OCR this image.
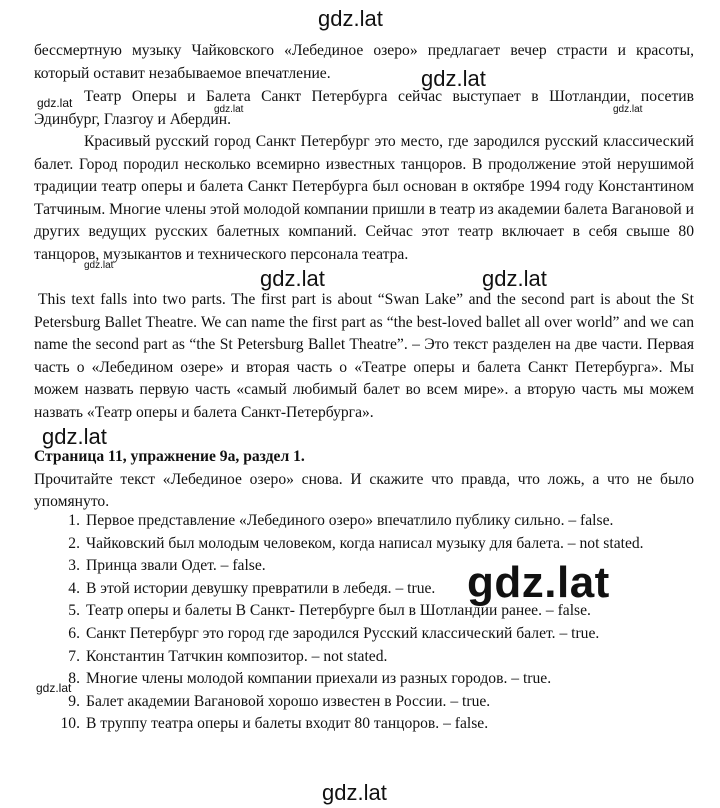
gdz.lat
gdz.lat
gdz.lat	gdz.lat	gdz.lat
gdz.lat
gdz.lat	gdz.lat
gdz.lat
gdz.lat
gdz.lat
gdz.lat

бессмертную музыку Чайковского «Лебединое озеро» предлагает вечер страсти и красоты, который оставит незабываемое впечатление.

Театр Оперы и Балета Санкт Петербурга сейчас выступает в Шотландии, посетив Эдинбург, Глазгоу и Абердин.

Красивый русский город Санкт Петербург это место, где зародился русский классический балет. Город породил несколько всемирно известных танцоров. В продолжение этой нерушимой традиции театр оперы и балета Санкт Петербурга был основан в октябре 1994 году Константином Татчиным. Многие члены этой молодой компании пришли в театр из академии балета Вагановой и других ведущих русских балетных компаний. Сейчас этот театр включает в себя свыше 80 танцоров, музыкантов и технического персонала театра.

This text falls into two parts. The first part is about “Swan Lake” and the second part is about the St Petersburg Ballet Theatre. We can name the first part as “the best-loved ballet all over world” and we can name the second part as “the St Petersburg Ballet Theatre”. – Это текст разделен на две части. Первая часть о «Лебедином озере» и вторая часть о «Театре оперы и балета Санкт Петербурга». Мы можем назвать первую часть «самый любимый балет во всем мире». а вторую часть мы можем назвать «Театр оперы и балета Санкт-Петербурга».

Страница 11, упражнение 9a, раздел 1.

Прочитайте текст «Лебединое озеро» снова. И скажите что правда, что ложь, а что не было упомянуто.

1. Первое представление «Лебединого озеро» впечатлило публику сильно. – false.
2. Чайковский был молодым человеком, когда написал музыку для балета. – not stated.
3. Принца звали Одет. – false.
4. В этой истории девушку превратили в лебедя. – true.
5. Театр оперы и балеты В Санкт- Петербурге был в Шотландии ранее. – false.
6. Санкт Петербург это город где зародился Русский классический балет. – true.
7. Константин Татчкин композитор. – not stated.
8. Многие члены молодой компании приехали из разных городов. – true.
9. Балет академии Вагановой хорошо известен в России. – true.
10. В труппу театра оперы и балеты входит 80 танцоров. – false.
